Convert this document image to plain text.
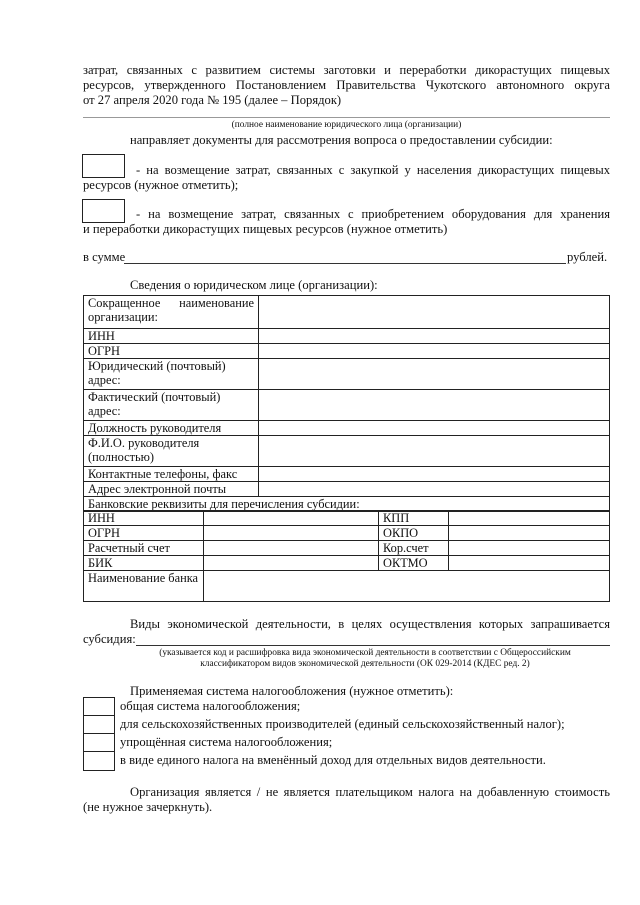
затрат, связанных с развитием системы заготовки и переработки дикорастущих пищевых
ресурсов, утвержденного Постановлением Правительства Чукотского автономного округа
от 27 апреля 2020 года № 195 (далее – Порядок)
(полное наименование юридического лица (организации)
направляет документы для рассмотрения вопроса о предоставлении субсидии:
- на возмещение затрат, связанных с закупкой у населения дикорастущих пищевых
ресурсов (нужное отметить);
- на возмещение затрат, связанных с приобретением оборудования для хранения
и переработки дикорастущих пищевых ресурсов (нужное отметить)
в сумме	рублей.
Сведения о юридическом лице (организации):
Сокращенное наименование организации:	
ИНН	
ОГРН	
Юридический (почтовый) адрес:	
Фактический (почтовый) адрес:	
Должность руководителя	
Ф.И.О. руководителя (полностью)	
Контактные телефоны, факс	
Адрес электронной почты	
Банковские реквизиты для перечисления субсидии:	
ИНН		КПП	
ОГРН		ОКПО	
Расчетный счет		Кор.счет	
БИК		ОКТМО	
Наименование банка			
Виды экономической деятельности, в целях осуществления которых запрашивается
субсидия:
(указывается код и расшифровка вида экономической деятельности в соответствии с Общероссийским
классификатором видов экономической деятельности (ОК 029-2014 (КДЕС ред. 2)
Применяемая система налогообложения (нужное отметить):
общая система налогообложения;
для сельскохозяйственных производителей (единый сельскохозяйственный налог);
упрощённая система налогообложения;
в виде единого налога на вменённый доход для отдельных видов деятельности.
Организация является / не является плательщиком налога на добавленную стоимость
(не нужное зачеркнуть).
